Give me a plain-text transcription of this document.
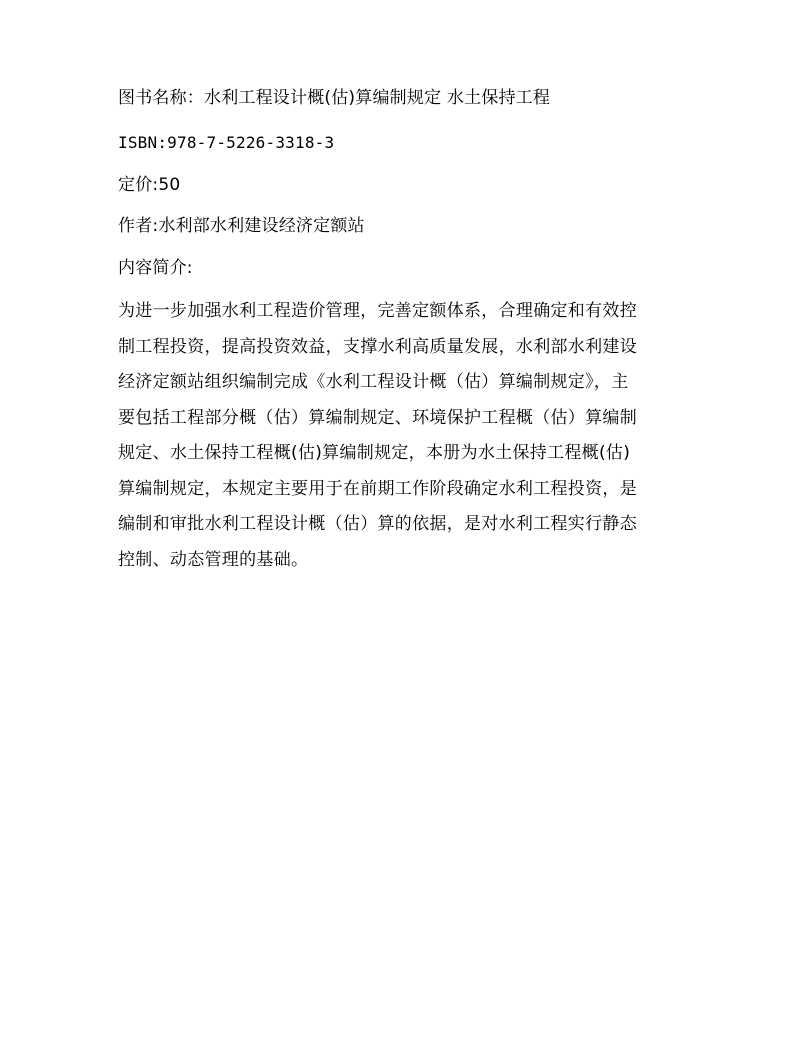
图书名称：水利工程设计概(估)算编制规定 水土保持工程
ISBN:978-7-5226-3318-3
定价:50
作者:水利部水利建设经济定额站
内容简介:
为进一步加强水利工程造价管理，完善定额体系，合理确定和有效控
制工程投资，提高投资效益，支撑水利高质量发展，水利部水利建设
经济定额站组织编制完成《水利工程设计概（估）算编制规定》，主
要包括工程部分概（估）算编制规定、环境保护工程概（估）算编制
规定、水土保持工程概(估)算编制规定，本册为水土保持工程概(估)
算编制规定，本规定主要用于在前期工作阶段确定水利工程投资，是
编制和审批水利工程设计概（估）算的依据，是对水利工程实行静态
控制、动态管理的基础。
